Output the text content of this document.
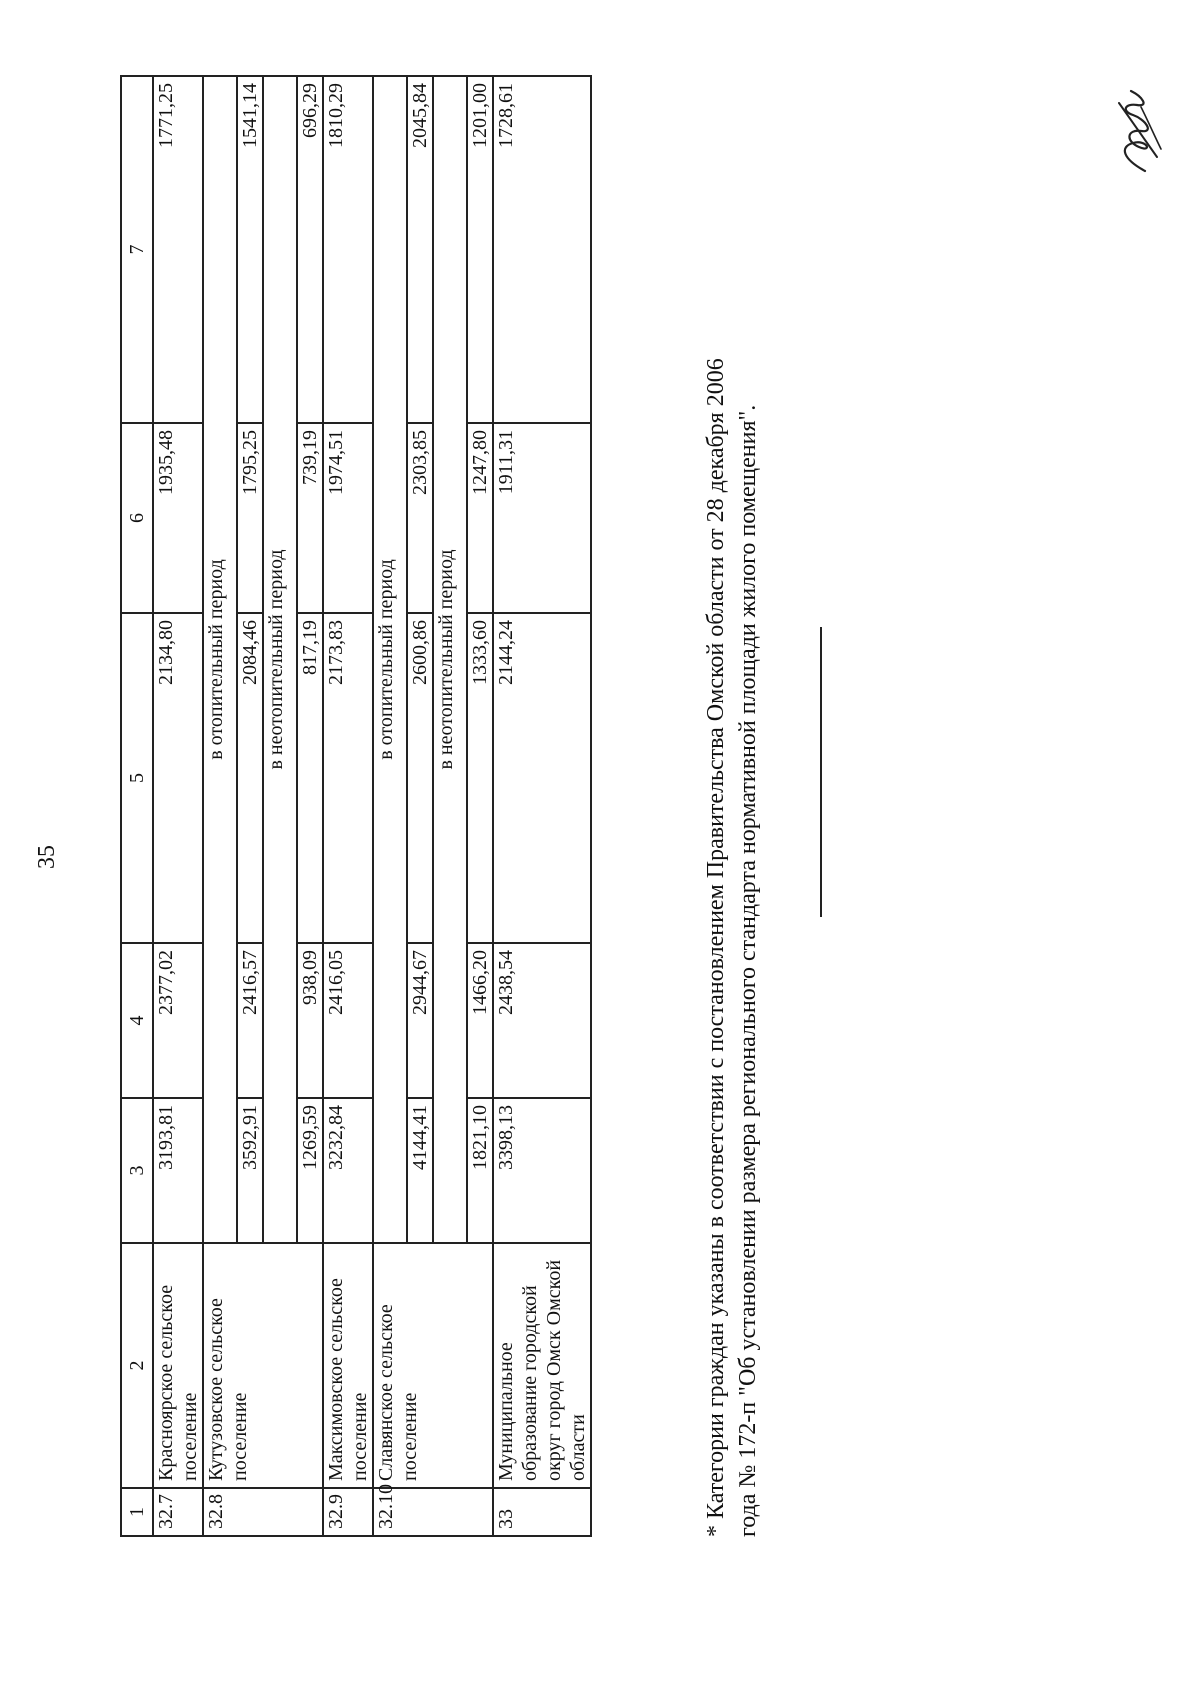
35
1	2	3	4	5	6	7
32.7	Красноярское сельское поселение	3193,81	2377,02	2134,80	1935,48	1771,25
32.8	Кутузовское сельское поселение	в отопительный период				
		3592,91	2416,57	2084,46	1795,25	1541,14
		в неотопительный период				
		1269,59	938,09	817,19	739,19	696,29
32.9	Максимовское сельское поселение	3232,84	2416,05	2173,83	1974,51	1810,29
32.10	Славянское сельское поселение	в отопительный период				
		4144,41	2944,67	2600,86	2303,85	2045,84
		в неотопительный период				
		1821,10	1466,20	1333,60	1247,80	1201,00
33	Муниципальное образование городской округ город Омск Омской области	3398,13	2438,54	2144,24	1911,31	1728,61
* Категории граждан указаны в соответствии с постановлением Правительства Омской области от 28 декабря 2006 года № 172-п "Об установлении размера регионального стандарта нормативной площади жилого помещения".
